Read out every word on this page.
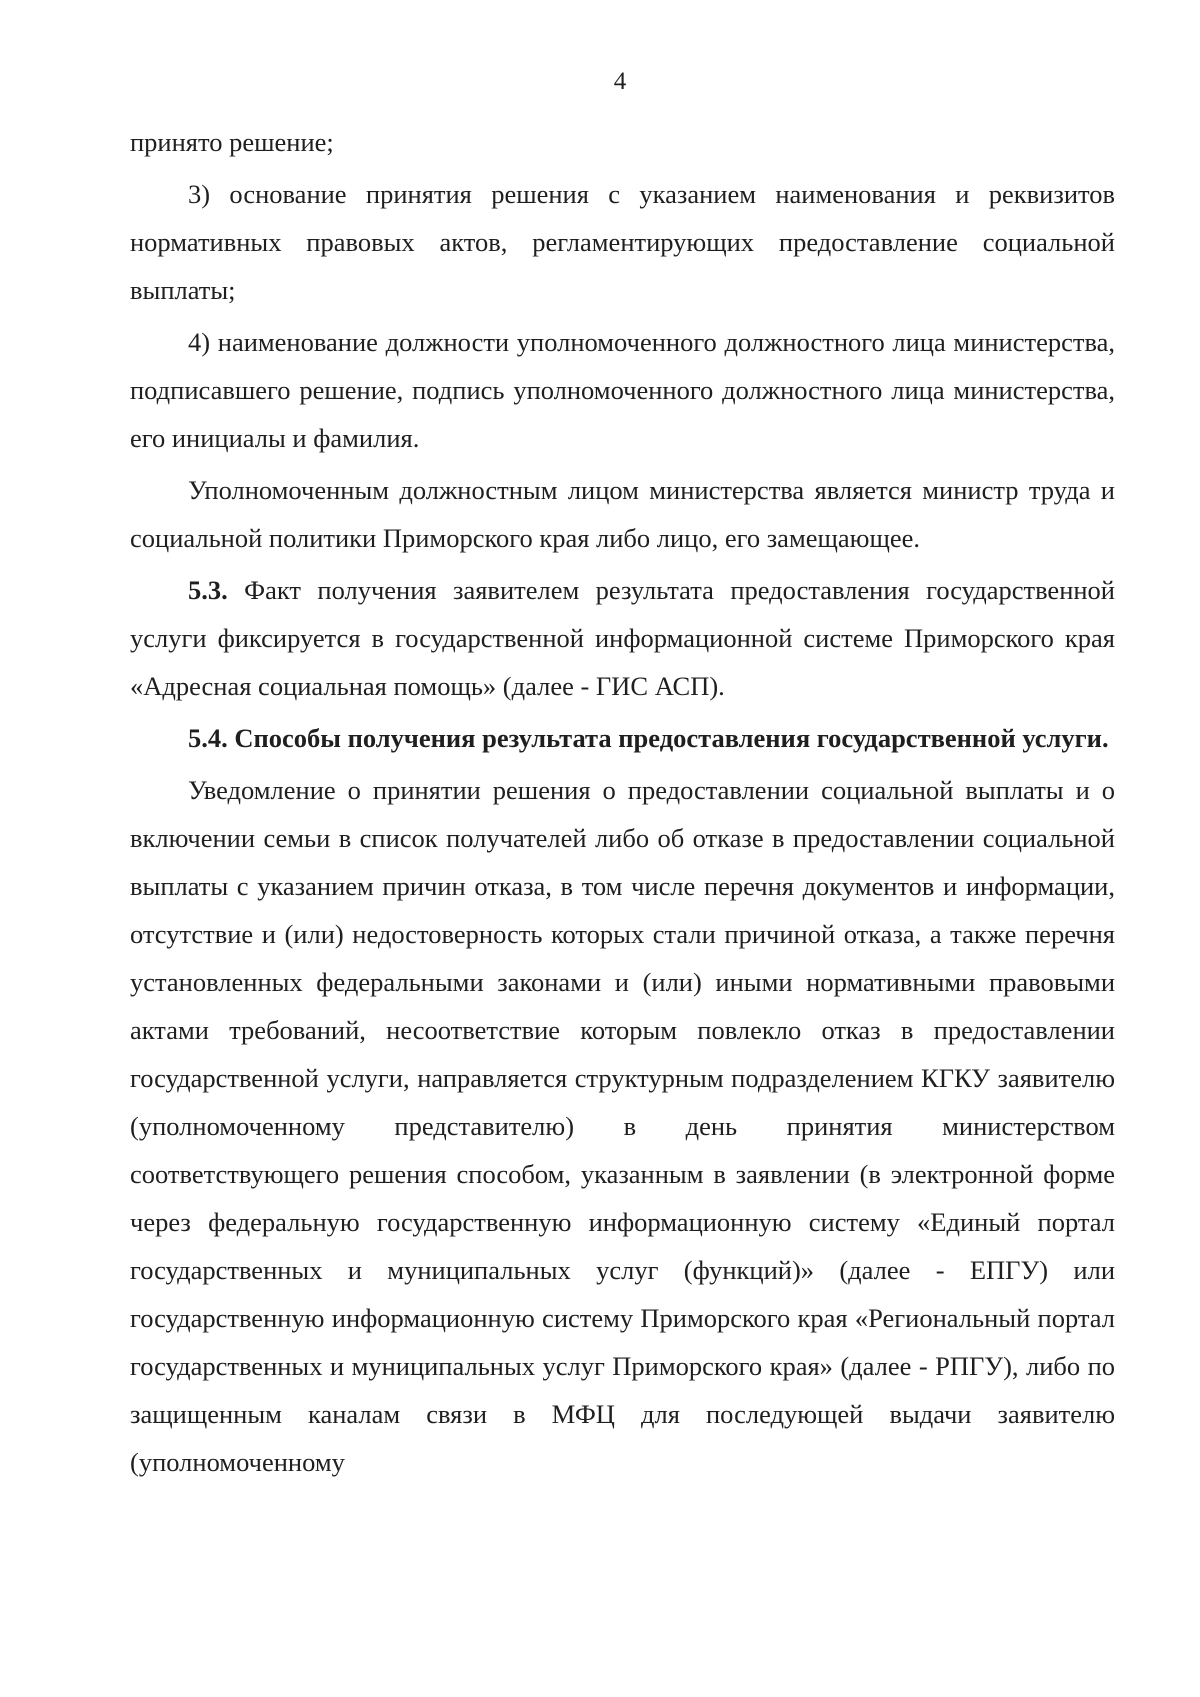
4

принято решение;

3) основание принятия решения с указанием наименования и реквизитов нормативных правовых актов, регламентирующих предоставление социальной выплаты;

4) наименование должности уполномоченного должностного лица министерства, подписавшего решение, подпись уполномоченного должностного лица министерства, его инициалы и фамилия.

Уполномоченным должностным лицом министерства является министр труда и социальной политики Приморского края либо лицо, его замещающее.

5.3. Факт получения заявителем результата предоставления государственной услуги фиксируется в государственной информационной системе Приморского края «Адресная социальная помощь» (далее - ГИС АСП).

5.4. Способы получения результата предоставления государственной услуги.

Уведомление о принятии решения о предоставлении социальной выплаты и о включении семьи в список получателей либо об отказе в предоставлении социальной выплаты с указанием причин отказа, в том числе перечня документов и информации, отсутствие и (или) недостоверность которых стали причиной отказа, а также перечня установленных федеральными законами и (или) иными нормативными правовыми актами требований, несоответствие которым повлекло отказ в предоставлении государственной услуги, направляется структурным подразделением КГКУ заявителю (уполномоченному представителю) в день принятия министерством соответствующего решения способом, указанным в заявлении (в электронной форме через федеральную государственную информационную систему «Единый портал государственных и муниципальных услуг (функций)» (далее - ЕПГУ) или государственную информационную систему Приморского края «Региональный портал государственных и муниципальных услуг Приморского края» (далее - РПГУ), либо по защищенным каналам связи в МФЦ для последующей выдачи заявителю (уполномоченному
